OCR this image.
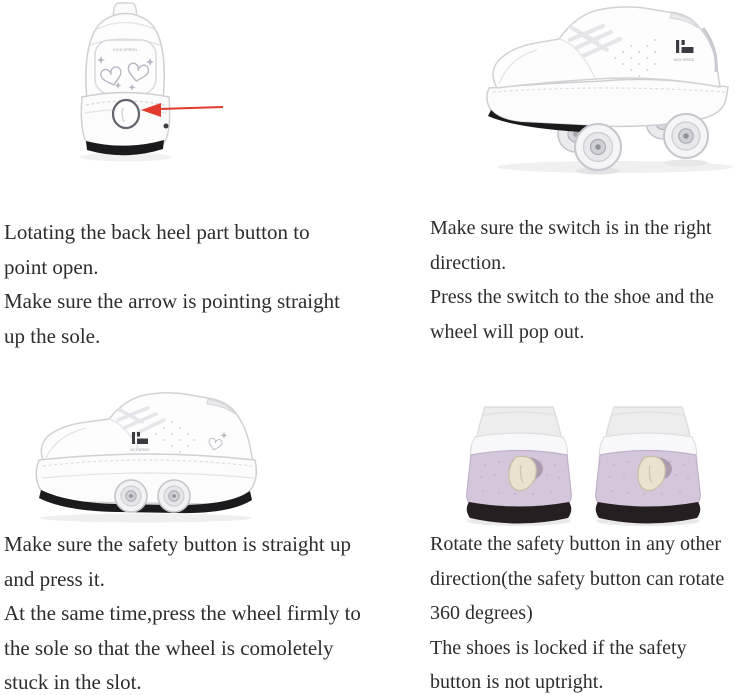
KICK SPEED
KICK SPEED
Lotating the back heel part button to
point open.
Make sure the arrow is pointing straight
up the sole.
Make sure the switch is in the right
direction.
Press the switch to the shoe and the
wheel will pop out.
KICK SPEED
Make sure the safety button is straight up
and press it.
At the same time,press the wheel firmly to
the sole so that the wheel is comoletely
stuck in the slot.
Rotate the safety button in any other
direction(the safety button can rotate
360 degrees)
The shoes is locked if the safety
button is not uptright.
